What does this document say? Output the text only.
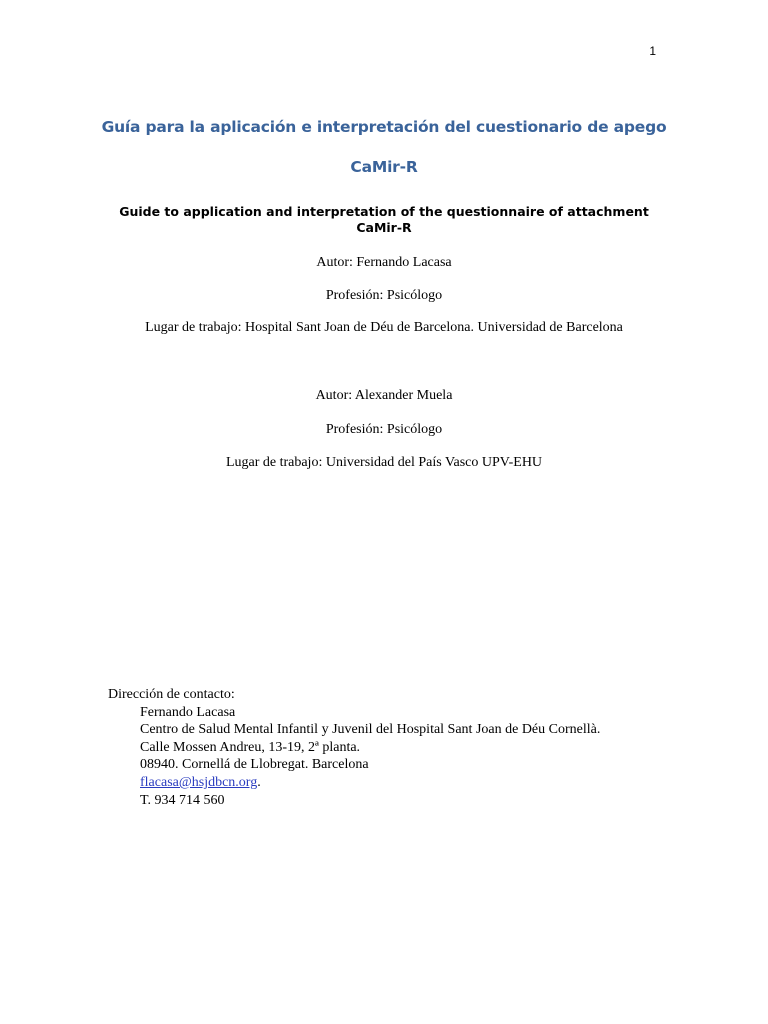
1
Guía para la aplicación e interpretación del cuestionario de apego
CaMir-R
Guide to application and interpretation of the questionnaire of attachment
CaMir-R
Autor: Fernando Lacasa
Profesión: Psicólogo
Lugar de trabajo: Hospital Sant Joan de Déu de Barcelona. Universidad de Barcelona
Autor: Alexander Muela
Profesión: Psicólogo
Lugar de trabajo: Universidad del País Vasco UPV-EHU
Dirección de contacto:
Fernando Lacasa
Centro de Salud Mental Infantil y Juvenil del Hospital Sant Joan de Déu Cornellà.
Calle Mossen Andreu, 13-19, 2ª planta.
08940. Cornellá de Llobregat. Barcelona
flacasa@hsjdbcn.org.
T. 934 714 560
